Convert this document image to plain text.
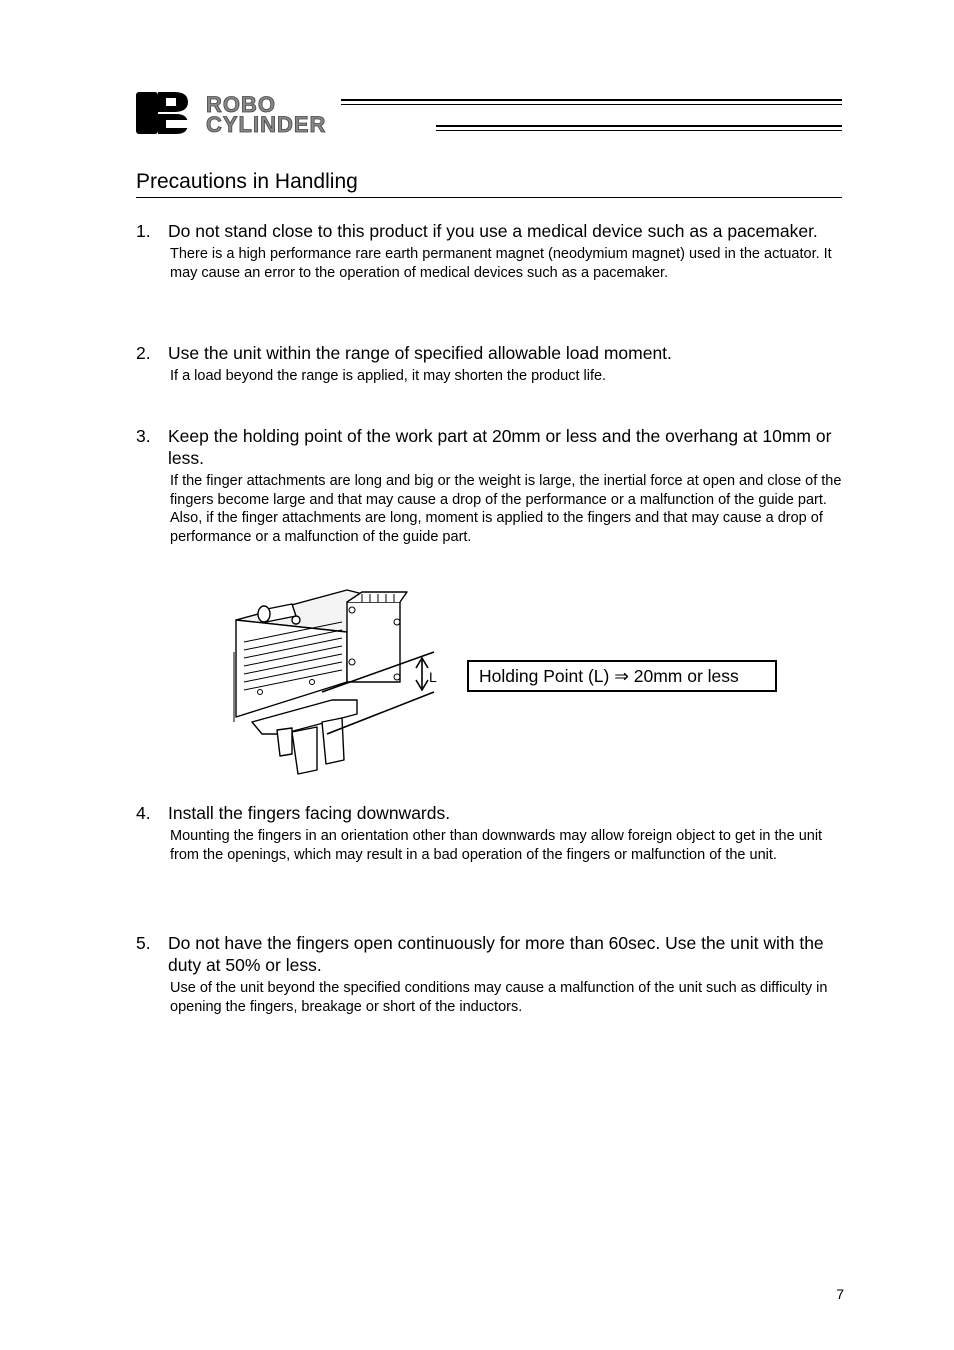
ROBO
CYLINDER
Precautions in Handling
1. Do not stand close to this product if you use a medical device such as a pacemaker.
There is a high performance rare earth permanent magnet (neodymium magnet) used in the actuator. It may cause an error to the operation of medical devices such as a pacemaker.
2. Use the unit within the range of specified allowable load moment.
If a load beyond the range is applied, it may shorten the product life.
3. Keep the holding point of the work part at 20mm or less and the overhang at 10mm or less.
If the finger attachments are long and big or the weight is large, the inertial force at open and close of the fingers become large and that may cause a drop of the performance or a malfunction of the guide part.
Also, if the finger attachments are long, moment is applied to the fingers and that may cause a drop of performance or a malfunction of the guide part.
L	Holding Point (L) ⇒ 20mm or less
4. Install the fingers facing downwards.
Mounting the fingers in an orientation other than downwards may allow foreign object to get in the unit from the openings, which may result in a bad operation of the fingers or malfunction of the unit.
5. Do not have the fingers open continuously for more than 60sec. Use the unit with the duty at 50% or less.
Use of the unit beyond the specified conditions may cause a malfunction of the unit such as difficulty in opening the fingers, breakage or short of the inductors.
7
